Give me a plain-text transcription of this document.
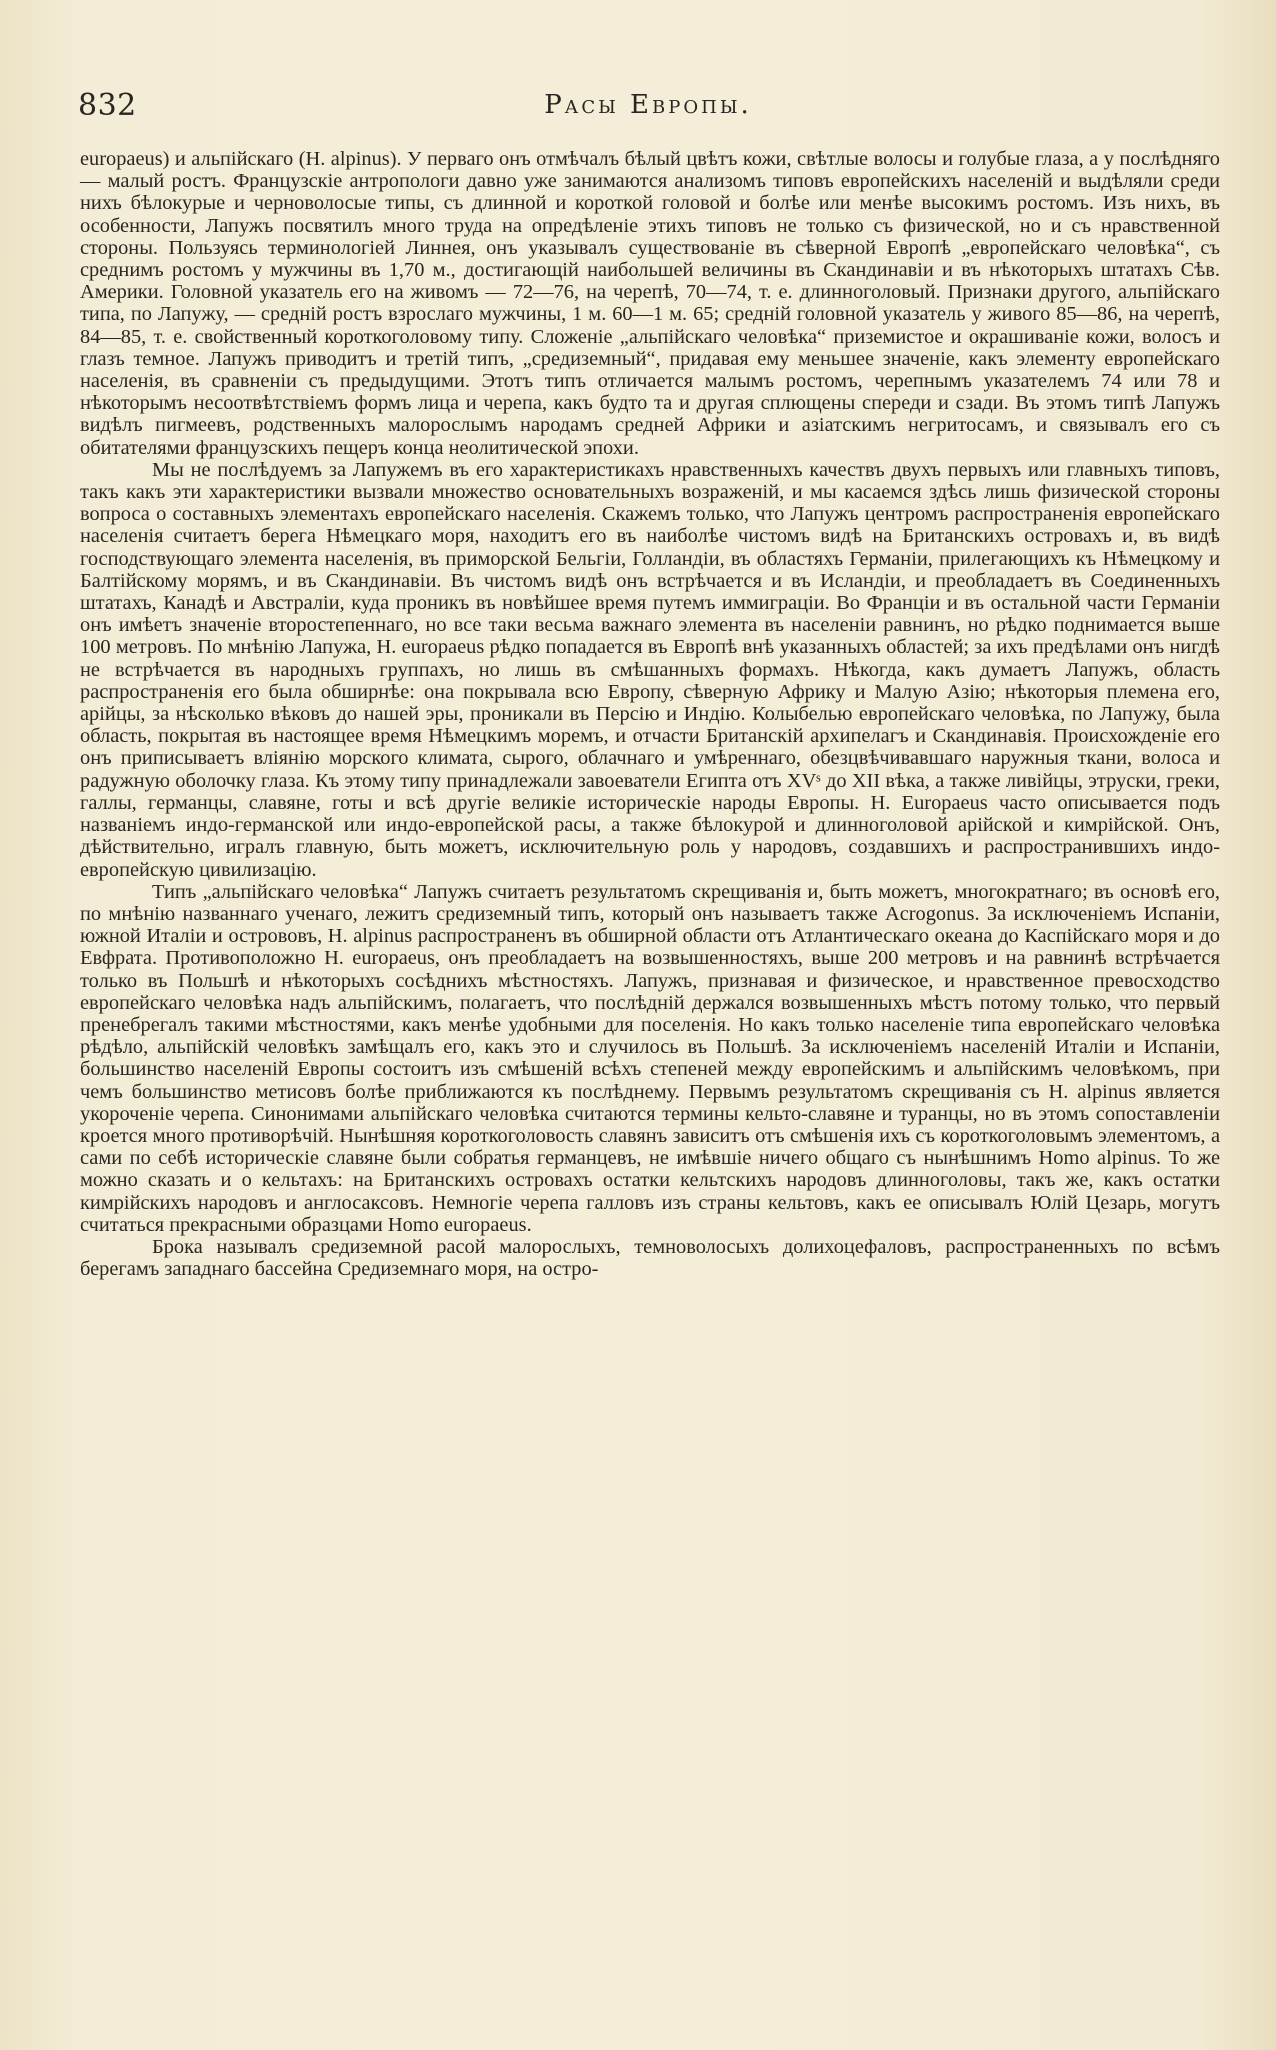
832	Расы Европы.

europaeus) и альпійскаго (H. alpinus). У перваго онъ отмѣчалъ бѣлый цвѣтъ кожи, свѣтлые волосы и голубые глаза, а у послѣдняго — малый ростъ. Французскіе антропологи давно уже занимаются анализомъ типовъ европейскихъ населеній и выдѣляли среди нихъ бѣлокурые и черноволосые типы, съ длинной и короткой головой и болѣе или менѣе высокимъ ростомъ. Изъ нихъ, въ особенности, Лапужъ посвятилъ много труда на опредѣленіе этихъ типовъ не только съ физической, но и съ нравственной стороны. Пользуясь терминологіей Линнея, онъ указывалъ существованіе въ сѣверной Европѣ „европейскаго человѣка“, съ среднимъ ростомъ у мужчины въ 1,70 м., достигающій наибольшей величины въ Скандинавіи и въ нѣкоторыхъ штатахъ Сѣв. Америки. Головной указатель его на живомъ — 72—76, на черепѣ, 70—74, т. е. длинноголовый. Признаки другого, альпійскаго типа, по Лапужу, — средній ростъ взрослаго мужчины, 1 м. 60—1 м. 65; средній головной указатель у живого 85—86, на черепѣ, 84—85, т. е. свойственный короткоголовому типу. Сложеніе „альпійскаго человѣка“ приземистое и окрашиваніе кожи, волосъ и глазъ темное. Лапужъ приводитъ и третій типъ, „средиземный“, придавая ему меньшее значеніе, какъ элементу европейскаго населенія, въ сравненіи съ предыдущими. Этотъ типъ отличается малымъ ростомъ, черепнымъ указателемъ 74 или 78 и нѣкоторымъ несоотвѣтствіемъ формъ лица и черепа, какъ будто та и другая сплющены спереди и сзади. Въ этомъ типѣ Лапужъ видѣлъ пигмеевъ, родственныхъ малорослымъ народамъ средней Африки и азіатскимъ негритосамъ, и связывалъ его съ обитателями французскихъ пещеръ конца неолитической эпохи.

Мы не послѣдуемъ за Лапужемъ въ его характеристикахъ нравственныхъ качествъ двухъ первыхъ или главныхъ типовъ, такъ какъ эти характеристики вызвали множество основательныхъ возраженій, и мы касаемся здѣсь лишь физической стороны вопроса о составныхъ элементахъ европейскаго населенія. Скажемъ только, что Лапужъ центромъ распространенія европейскаго населенія считаетъ берега Нѣмецкаго моря, находитъ его въ наиболѣе чистомъ видѣ на Британскихъ островахъ и, въ видѣ господствующаго элемента населенія, въ приморской Бельгіи, Голландіи, въ областяхъ Германіи, прилегающихъ къ Нѣмецкому и Балтійскому морямъ, и въ Скандинавіи. Въ чистомъ видѣ онъ встрѣчается и въ Исландіи, и преобладаетъ въ Соединенныхъ штатахъ, Канадѣ и Австраліи, куда проникъ въ новѣйшее время путемъ иммиграціи. Во Франціи и въ остальной части Германіи онъ имѣетъ значеніе второстепеннаго, но все таки весьма важнаго элемента въ населеніи равнинъ, но рѣдко поднимается выше 100 метровъ. По мнѣнію Лапужа, H. europaeus рѣдко попадается въ Европѣ внѣ указанныхъ областей; за ихъ предѣлами онъ нигдѣ не встрѣчается въ народныхъ группахъ, но лишь въ смѣшанныхъ формахъ. Нѣкогда, какъ думаетъ Лапужъ, область распространенія его была обширнѣе: она покрывала всю Европу, сѣверную Африку и Малую Азію; нѣкоторыя племена его, арійцы, за нѣсколько вѣковъ до нашей эры, проникали въ Персію и Индію. Колыбелью европейскаго человѣка, по Лапужу, была область, покрытая въ настоящее время Нѣмецкимъ моремъ, и отчасти Британскій архипелагъ и Скандинавія. Происхожденіе его онъ приписываетъ вліянію морского климата, сырого, облачнаго и умѣреннаго, обезцвѣчивавшаго наружныя ткани, волоса и радужную оболочку глаза. Къ этому типу принадлежали завоеватели Египта отъ XVˢ до XII вѣка, а также ливійцы, этруски, греки, галлы, германцы, славяне, готы и всѣ другіе великіе историческіе народы Европы. H. Europaeus часто описывается подъ названіемъ индо-германской или индо-европейской расы, а также бѣлокурой и длинноголовой арійской и кимрійской. Онъ, дѣйствительно, игралъ главную, быть можетъ, исключительную роль у народовъ, создавшихъ и распространившихъ индо-европейскую цивилизацію.

Типъ „альпійскаго человѣка“ Лапужъ считаетъ результатомъ скрещиванія и, быть можетъ, многократнаго; въ основѣ его, по мнѣнію названнаго ученаго, лежитъ средиземный типъ, который онъ называетъ также Acrogonus. За исключеніемъ Испаніи, южной Италіи и острововъ, H. alpinus распространенъ въ обширной области отъ Атлантическаго океана до Каспійскаго моря и до Евфрата. Противоположно H. europaeus, онъ преобладаетъ на возвышенностяхъ, выше 200 метровъ и на равнинѣ встрѣчается только въ Польшѣ и нѣкоторыхъ сосѣднихъ мѣстностяхъ. Лапужъ, признавая и физическое, и нравственное превосходство европейскаго человѣка надъ альпійскимъ, полагаетъ, что послѣдній держался возвышенныхъ мѣстъ потому только, что первый пренебрегалъ такими мѣстностями, какъ менѣе удобными для поселенія. Но какъ только населеніе типа европейскаго человѣка рѣдѣло, альпійскій человѣкъ замѣщалъ его, какъ это и случилось въ Польшѣ. За исключеніемъ населеній Италіи и Испаніи, большинство населеній Европы состоитъ изъ смѣшеній всѣхъ степеней между европейскимъ и альпійскимъ человѣкомъ, при чемъ большинство метисовъ болѣе приближаются къ послѣднему. Первымъ результатомъ скрещиванія съ H. alpinus является укороченіе черепа. Синонимами альпійскаго человѣка считаются термины кельто-славяне и туранцы, но въ этомъ сопоставленіи кроется много противорѣчій. Нынѣшняя короткоголовость славянъ зависитъ отъ смѣшенія ихъ съ короткоголовымъ элементомъ, а сами по себѣ историческіе славяне были собратья германцевъ, не имѣвшіе ничего общаго съ нынѣшнимъ Homo alpinus. То же можно сказать и о кельтахъ: на Британскихъ островахъ остатки кельтскихъ народовъ длинноголовы, такъ же, какъ остатки кимрійскихъ народовъ и англосаксовъ. Немногіе черепа галловъ изъ страны кельтовъ, какъ ее описывалъ Юлій Цезарь, могутъ считаться прекрасными образцами Homo europaeus.

Брока называлъ средиземной расой малорослыхъ, темноволосыхъ долихоцефаловъ, распространенныхъ по всѣмъ берегамъ западнаго бассейна Средиземнаго моря, на остро-
